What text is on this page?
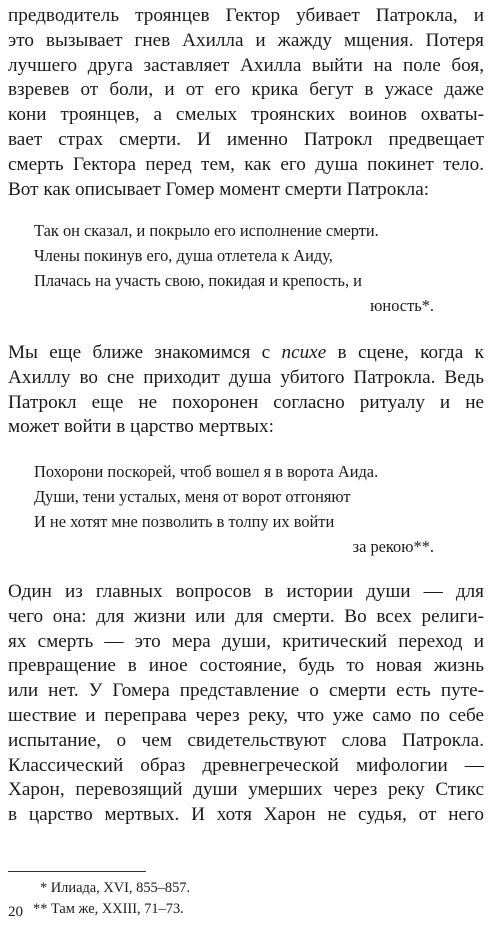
предводитель троянцев Гектор убивает Патрокла, и
это вызывает гнев Ахилла и жажду мщения. Потеря
лучшего друга заставляет Ахилла выйти на поле боя,
взревев от боли, и от его крика бегут в ужасе даже
кони троянцев, а смелых троянских воинов охваты-
вает страх смерти. И именно Патрокл предвещает
смерть Гектора перед тем, как его душа покинет тело.
Вот как описывает Гомер момент смерти Патрокла:
Так он сказал, и покрыло его исполнение смерти.
Члены покинув его, душа отлетела к Аиду,
Плачась на участь свою, покидая и крепость, и
юность*.
Мы еще ближе знакомимся с психе в сцене, когда к
Ахиллу во сне приходит душа убитого Патрокла. Ведь
Патрокл еще не похоронен согласно ритуалу и не
может войти в царство мертвых:
Похорони поскорей, чтоб вошел я в ворота Аида.
Души, тени усталых, меня от ворот отгоняют
И не хотят мне позволить в толпу их войти
за рекою**.
Один из главных вопросов в истории души — для
чего она: для жизни или для смерти. Во всех религи-
ях смерть — это мера души, критический переход и
превращение в иное состояние, будь то новая жизнь
или нет. У Гомера представление о смерти есть путе-
шествие и переправа через реку, что уже само по себе
испытание, о чем свидетельствуют слова Патрокла.
Классический образ древнегреческой мифологии —
Харон, перевозящий души умерших через реку Стикс
в царство мертвых. И хотя Харон не судья, от него
* Илиада, XVI, 855–857.
** Там же, XXIII, 71–73.
20
